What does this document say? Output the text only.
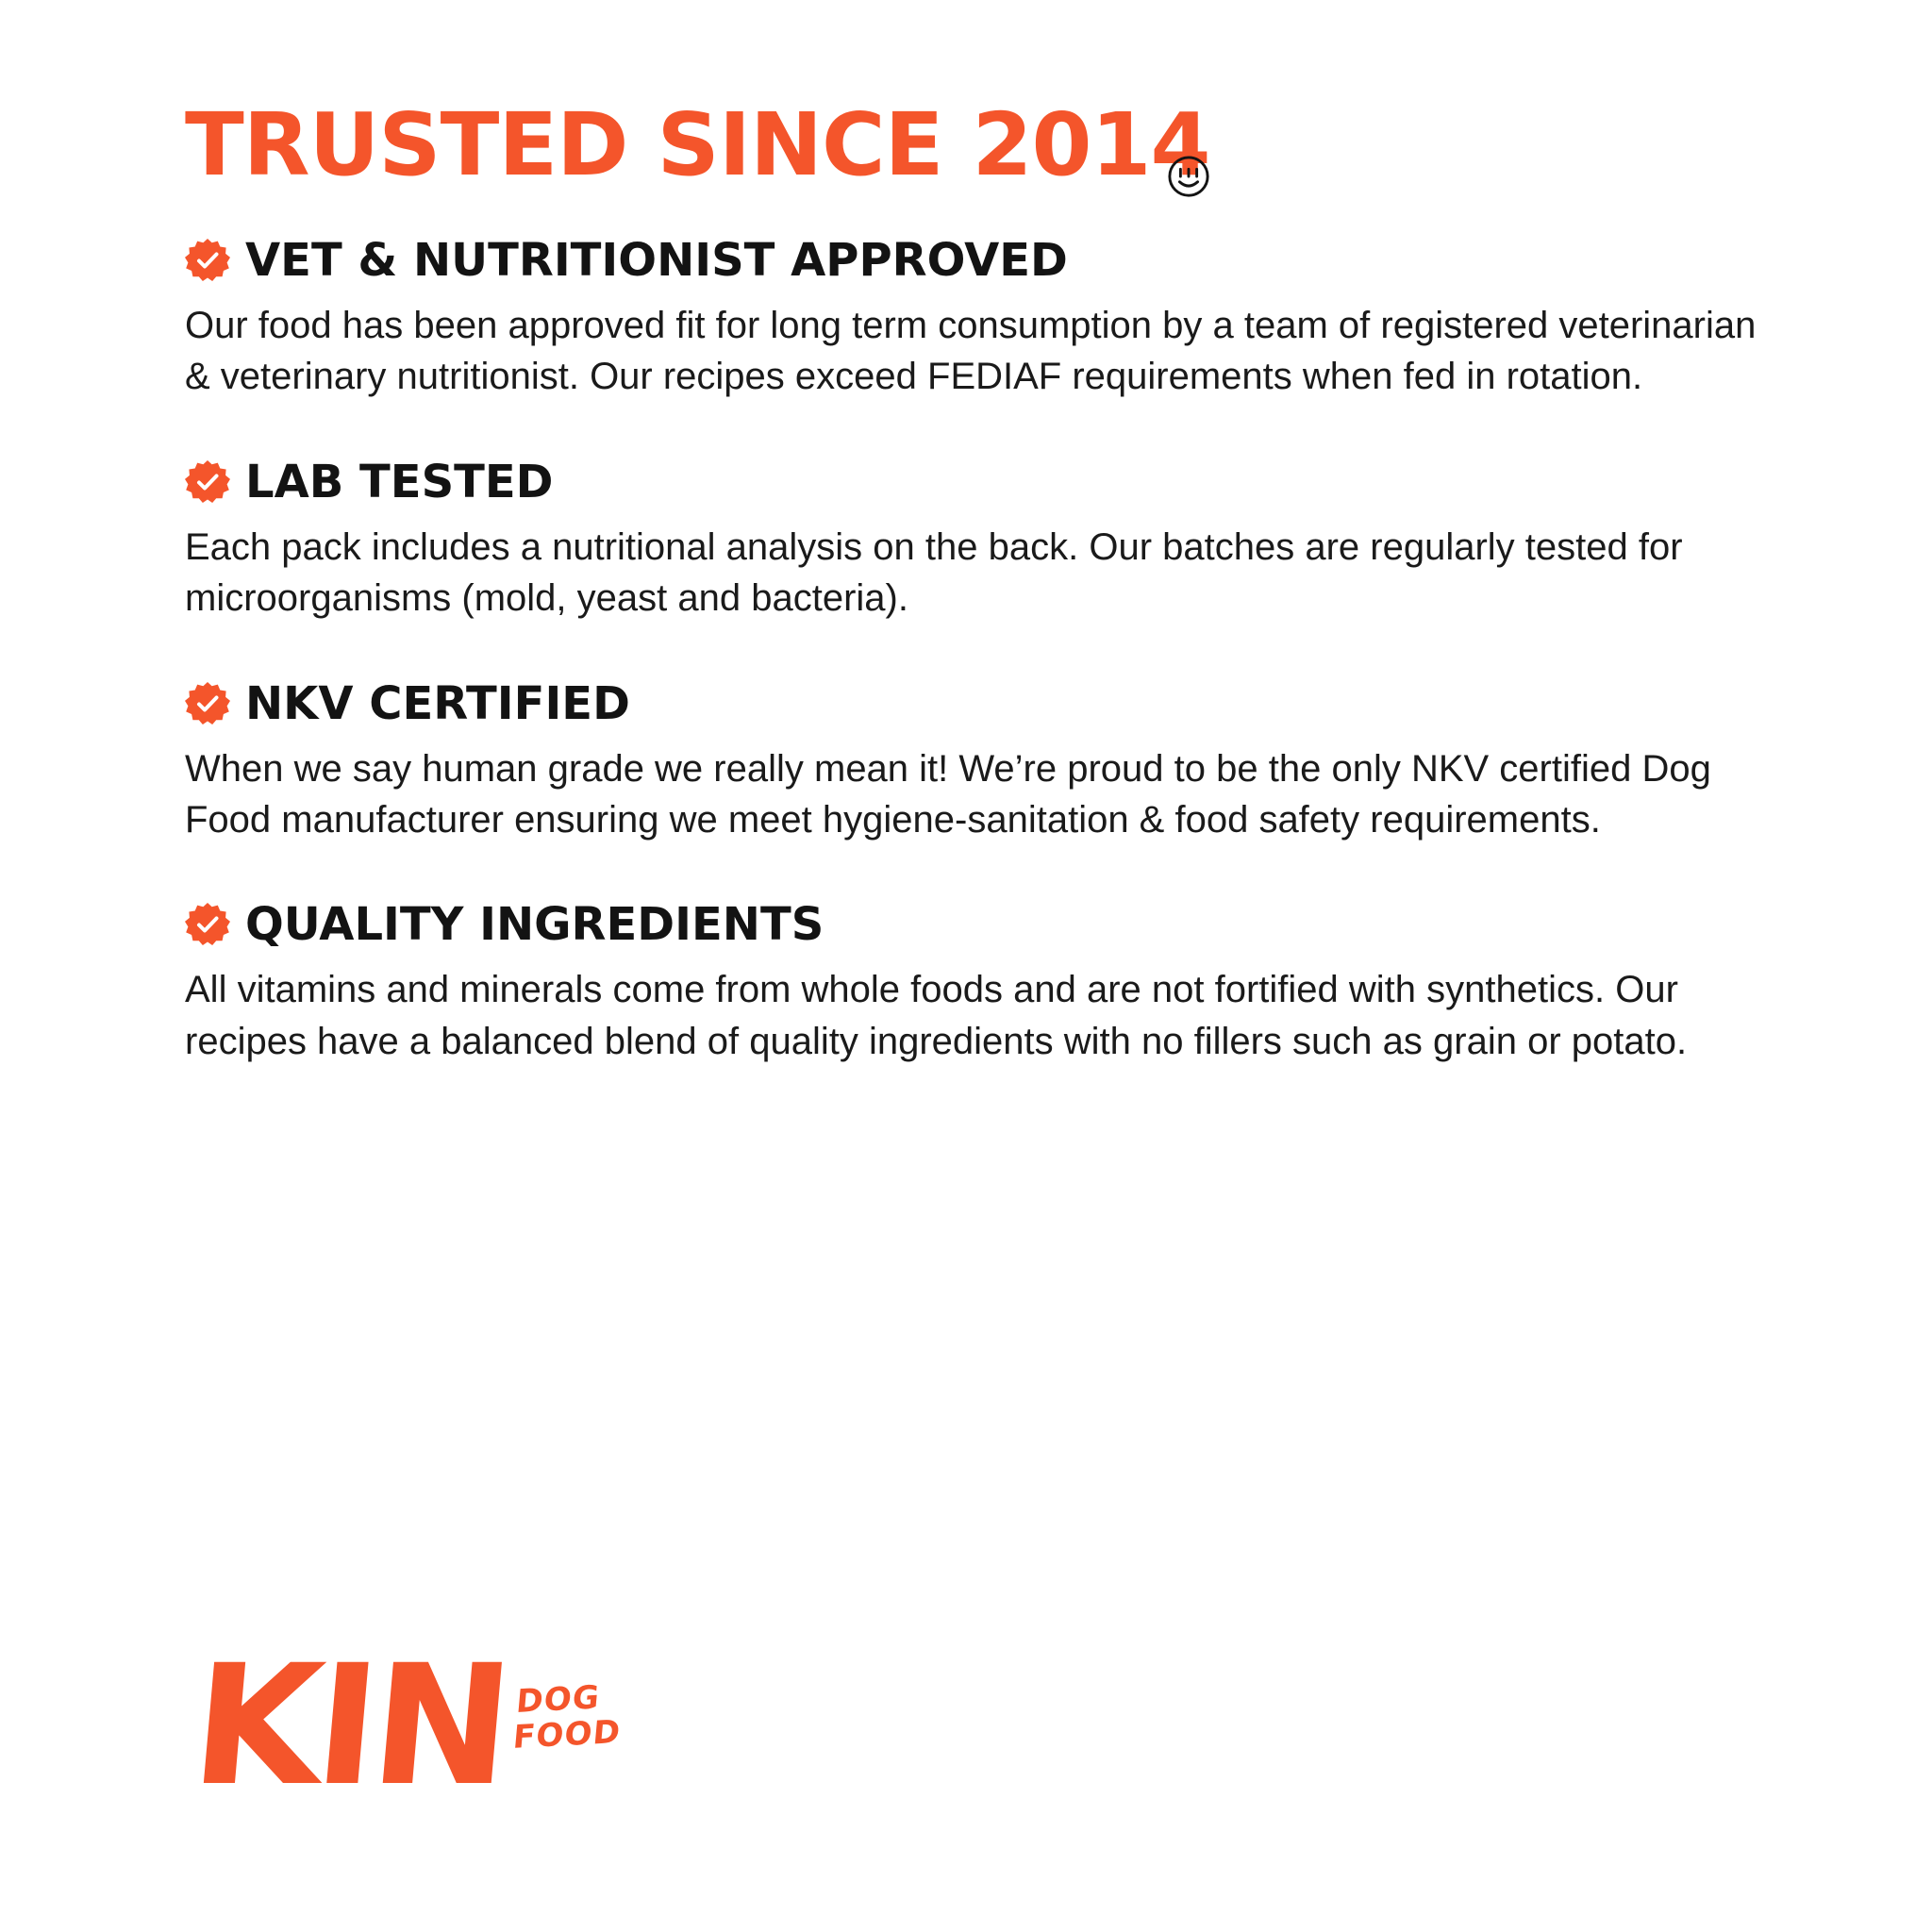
TRUSTED SINCE 2014
VET & NUTRITIONIST APPROVED
Our food has been approved fit for long term consumption by a team of registered veterinarian & veterinary nutritionist. Our recipes exceed FEDIAF requirements when fed in rotation.
LAB TESTED
Each pack includes a nutritional analysis on the back. Our batches are regularly tested for microorganisms (mold, yeast and bacteria).
NKV CERTIFIED
When we say human grade we really mean it! We’re proud to be the only NKV certified Dog Food manufacturer ensuring we meet hygiene-sanitation & food safety requirements.
QUALITY INGREDIENTS
All vitamins and minerals come from whole foods and are not fortified with synthetics. Our recipes have a balanced blend of quality ingredients with no fillers such as grain or potato.
KIN DOG
FOOD
